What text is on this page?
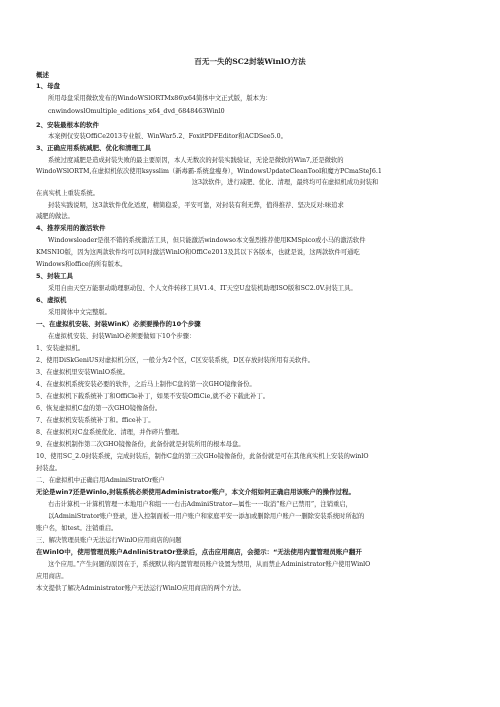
百无一失的SC2封装WinlO方法
概述
1、母盘
所用母盘采用微软发布的WindoWSlORTMx86\x64简体中文正式版，版本为：
cnwindowslOmultiple_editions_x64_dvd_6848463Winl0
2、安装最根本的软件
本案例仅安装OffiCe2013专业版、WinWar5.2、FoxitPDFEditor和ACDSee5.0。
3、正确应用系统减肥、优化和清理工具
系统过度减肥是造成封装失败的最主要原因，本人无数次的封装实践验证，无论是微软的Win7,还是微软的
WindoWSlORTM,在虚拟机依次使用ksysslim（新毒霸-系统盘瘦身），WindowsUpdateCleanTool和魔方PCmaSteJ6.1
这3款软件，进行减肥、优化、清理，最终均可在虚拟机成功封装和
在真实机上重装系统。
封装实践说明，这3款软件优化适度，精简稳妥，平安可靠，对封装有利无弊，值得推荐、坚决反对:味追求
减肥的做法。
4、推荐采用的激活软件
Windowsloader是很不错的系统激活工具，但只能激活windowso本文强烈推荐使用KMSpico或小马的激活软件
KMSNIO版，因为这两款软件均可以同时激活WinlO和OffiCe2013及其以下各版本，也就是说，这两款软件可通吃
Windows和office的所有版本。
5、封装工具
采用自由天空万能驱动助理驱动包、个人文件转移工具V1.4、IT天空U盘装机助理ISO版和SC2.0V.封装工具。
6、虚拟机
采用简体中文完整版。
一、在虚拟机安装、封装WinK）必须要操作的10个步骤
在虚拟机安装、封装WinlO必须要做如下10个步骤：
1、安装虚拟机。
2、使用DiSkGeniUS对虚拟机分区，一般分为2个区，C区安装系统，D区存放封装所用有关软件。
3、在虚拟机里安装WinlO系统。
4、在虚拟机系统安装必要的软件，之后马上制作C盘的第一次GHO镜像备份。
5、在虚拟机下载系统补丁和OffiCle补丁，如果不安装OffiCie,就不必下载此补丁。
6、恢复虚拟机C盘的第一次GHO镜像备份。
7、在虚拟机安装系统补丁和。ffice补丁。
8、在虚拟机对C盘系统优化、清理，并作碎片整理。
9、在虚拟机制作第二次GHO镜像备份，此备份就是封装所用的根本母盘。
10、使用SC_2.0封装系统，完成封装后，制作C盘的第三次GHo镜像备份，此备份就是可在其他真实机上安装的winlO
封装盘。
二、在虚拟机中正确启用AdminiStratOr账户
无论是win7还是Winlo,封装系统必须使用Administrator账户，本文介绍如何正确启用该账户的操作过程。
右击计算机一计算机管理一本地用户和组一一右击AdminiStrator—属性一一取消“账户已禁用”，注销重启，
以AdminiStrator账户登录，进入控制面板一用户账户和家庭平安一添加或删除用户账户一删除安装系统时所起的
账户名，如test。注销重启。
三、解决管理员账户无法运行WinlO应用商店的问题
在WinlO中，使用管理员账户AdnliniStratOr登录后，点击应用商店，会提示：“无法使用内置管理员账户翻开
这个应用。”产生问题的原因在于，系统默认将内置管理员账户设置为禁用，从而禁止Administrator账户使用WinlO
应用商店。
本文提供了解决Administrator账户无法运行WinlO应用商店的两个方法。
